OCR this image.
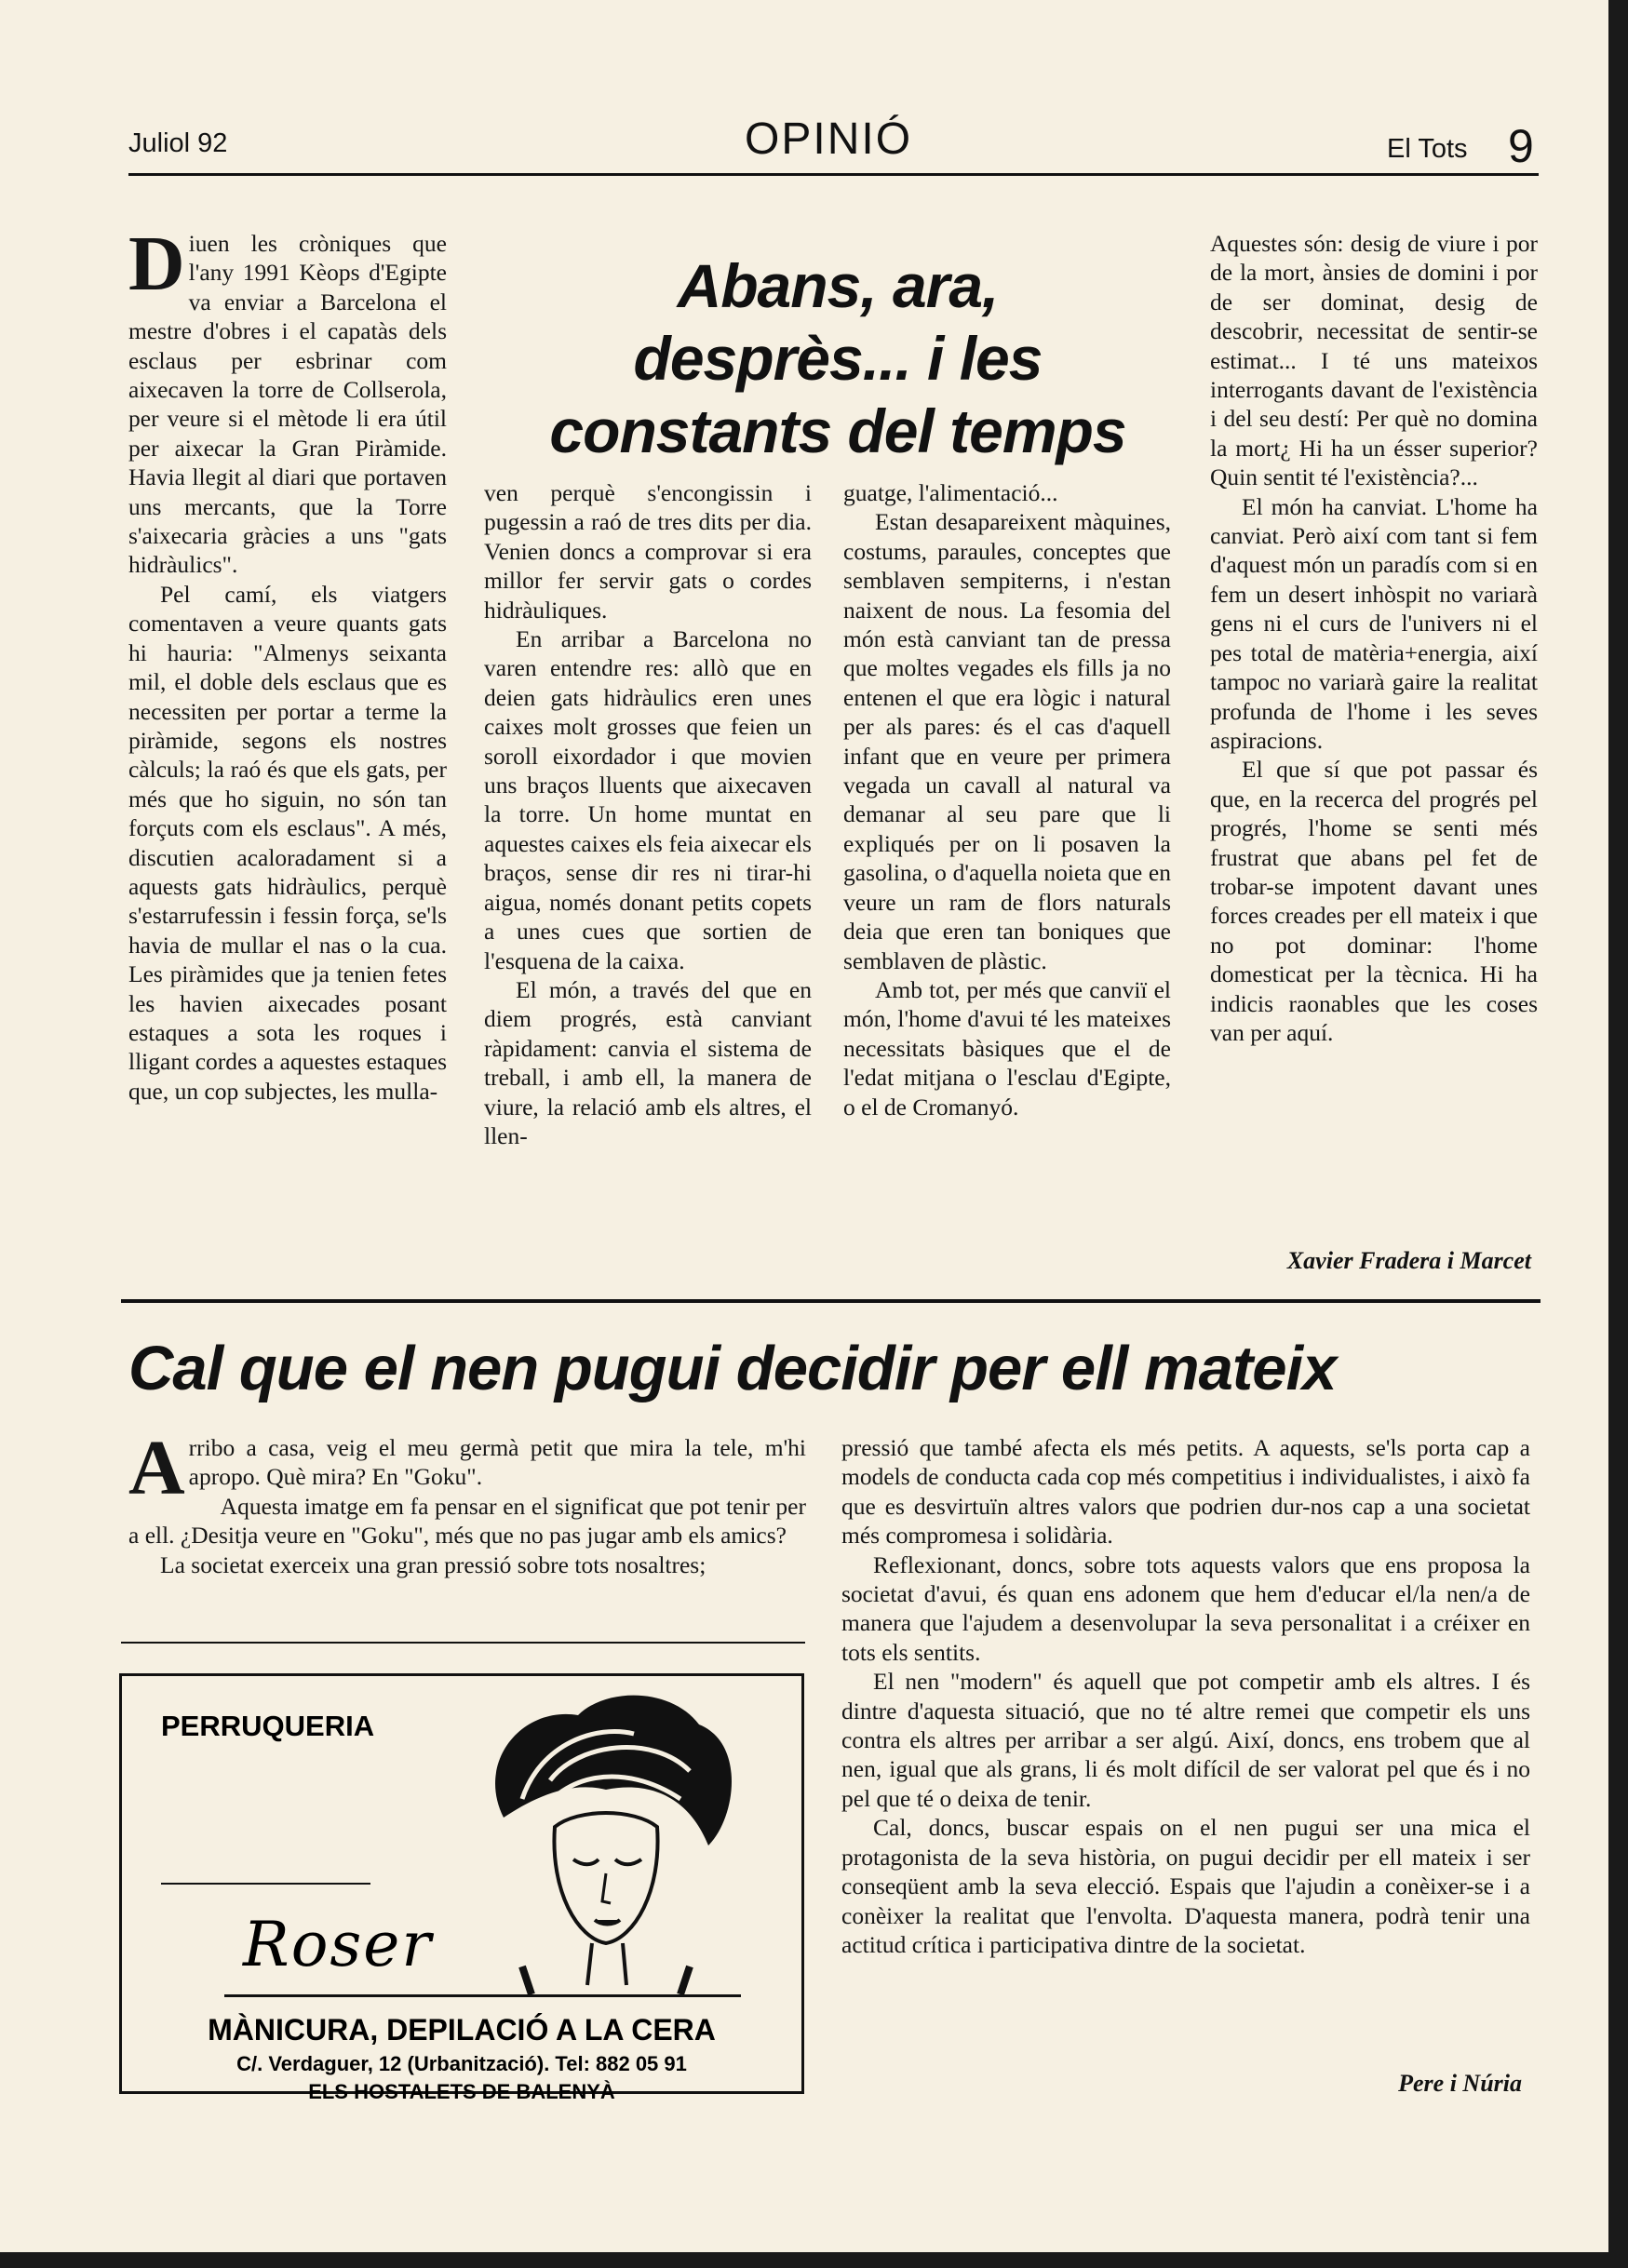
Juliol 92	OPINIÓ	El Tots 9
Abans, ara,
desprès... i les
constants del temps

Diuen les cròniques que l'any 1991 Kèops d'Egipte va enviar a Barcelona el mestre d'obres i el capatàs dels esclaus per esbrinar com aixecaven la torre de Collserola, per veure si el mètode li era útil per aixecar la Gran Piràmide. Havia llegit al diari que portaven uns mercants, que la Torre s'aixecaria gràcies a uns "gats hidràulics".

Pel camí, els viatgers comentaven a veure quants gats hi hauria: "Almenys seixanta mil, el doble dels esclaus que es necessiten per portar a terme la piràmide, segons els nostres càlculs; la raó és que els gats, per més que ho siguin, no són tan forçuts com els esclaus". A més, discutien acaloradament si a aquests gats hidràulics, perquè s'estarrufessin i fessin força, se'ls havia de mullar el nas o la cua. Les piràmides que ja tenien fetes les havien aixecades posant estaques a sota les roques i lligant cordes a aquestes estaques que, un cop subjectes, les mulla-

ven perquè s'encongissin i pugessin a raó de tres dits per dia. Venien doncs a comprovar si era millor fer servir gats o cordes hidràuliques.

En arribar a Barcelona no varen entendre res: allò que en deien gats hidràulics eren unes caixes molt grosses que feien un soroll eixordador i que movien uns braços lluents que aixecaven la torre. Un home muntat en aquestes caixes els feia aixecar els braços, sense dir res ni tirar-hi aigua, només donant petits copets a unes cues que sortien de l'esquena de la caixa.

El món, a través del que en diem progrés, està canviant ràpidament: canvia el sistema de treball, i amb ell, la manera de viure, la relació amb els altres, el llen-

guatge, l'alimentació...

Estan desapareixent màquines, costums, paraules, conceptes que semblaven sempiterns, i n'estan naixent de nous. La fesomia del món està canviant tan de pressa que moltes vegades els fills ja no entenen el que era lògic i natural per als pares: és el cas d'aquell infant que en veure per primera vegada un cavall al natural va demanar al seu pare que li expliqués per on li posaven la gasolina, o d'aquella noieta que en veure un ram de flors naturals deia que eren tan boniques que semblaven de plàstic.

Amb tot, per més que canviï el món, l'home d'avui té les mateixes necessitats bàsiques que el de l'edat mitjana o l'esclau d'Egipte, o el de Cromanyó.

Aquestes són: desig de viure i por de la mort, ànsies de domini i por de ser dominat, desig de descobrir, necessitat de sentir-se estimat... I té uns mateixos interrogants davant de l'existència i del seu destí: Per què no domina la mort¿ Hi ha un ésser superior? Quin sentit té l'existència?...

El món ha canviat. L'home ha canviat. Però així com tant si fem d'aquest món un paradís com si en fem un desert inhòspit no variarà gens ni el curs de l'univers ni el pes total de matèria+energia, així tampoc no variarà gaire la realitat profunda de l'home i les seves aspiracions.

El que sí que pot passar és que, en la recerca del progrés pel progrés, l'home se senti més frustrat que abans pel fet de trobar-se impotent davant unes forces creades per ell mateix i que no pot dominar: l'home domesticat per la tècnica. Hi ha indicis raonables que les coses van per aquí.

Xavier Fradera i Marcet
Cal que el nen pugui decidir per ell mateix

Arribo a casa, veig el meu germà petit que mira la tele, m'hi apropo. Què mira? En "Goku".

Aquesta imatge em fa pensar en el significat que pot tenir per a ell. ¿Desitja veure en "Goku", més que no pas jugar amb els amics?

La societat exerceix una gran pressió sobre tots nosaltres;

pressió que també afecta els més petits. A aquests, se'ls porta cap a models de conducta cada cop més competitius i individualistes, i això fa que es desvirtuïn altres valors que podrien dur-nos cap a una societat més compromesa i solidària.

Reflexionant, doncs, sobre tots aquests valors que ens proposa la societat d'avui, és quan ens adonem que hem d'educar el/la nen/a de manera que l'ajudem a desenvolupar la seva personalitat i a créixer en tots els sentits.

El nen "modern" és aquell que pot competir amb els altres. I és dintre d'aquesta situació, que no té altre remei que competir els uns contra els altres per arribar a ser algú. Així, doncs, ens trobem que al nen, igual que als grans, li és molt difícil de ser valorat pel que és i no pel que té o deixa de tenir.

Cal, doncs, buscar espais on el nen pugui ser una mica el protagonista de la seva història, on pugui decidir per ell mateix i ser conseqüent amb la seva elecció. Espais que l'ajudin a conèixer-se i a conèixer la realitat que l'envolta. D'aquesta manera, podrà tenir una actitud crítica i participativa dintre de la societat.

Pere i Núria
PERRUQUERIA
Roser
MÀNICURA, DEPILACIÓ A LA CERA
C/. Verdaguer, 12 (Urbanització). Tel: 882 05 91
ELS HOSTALETS DE BALENYÀ
